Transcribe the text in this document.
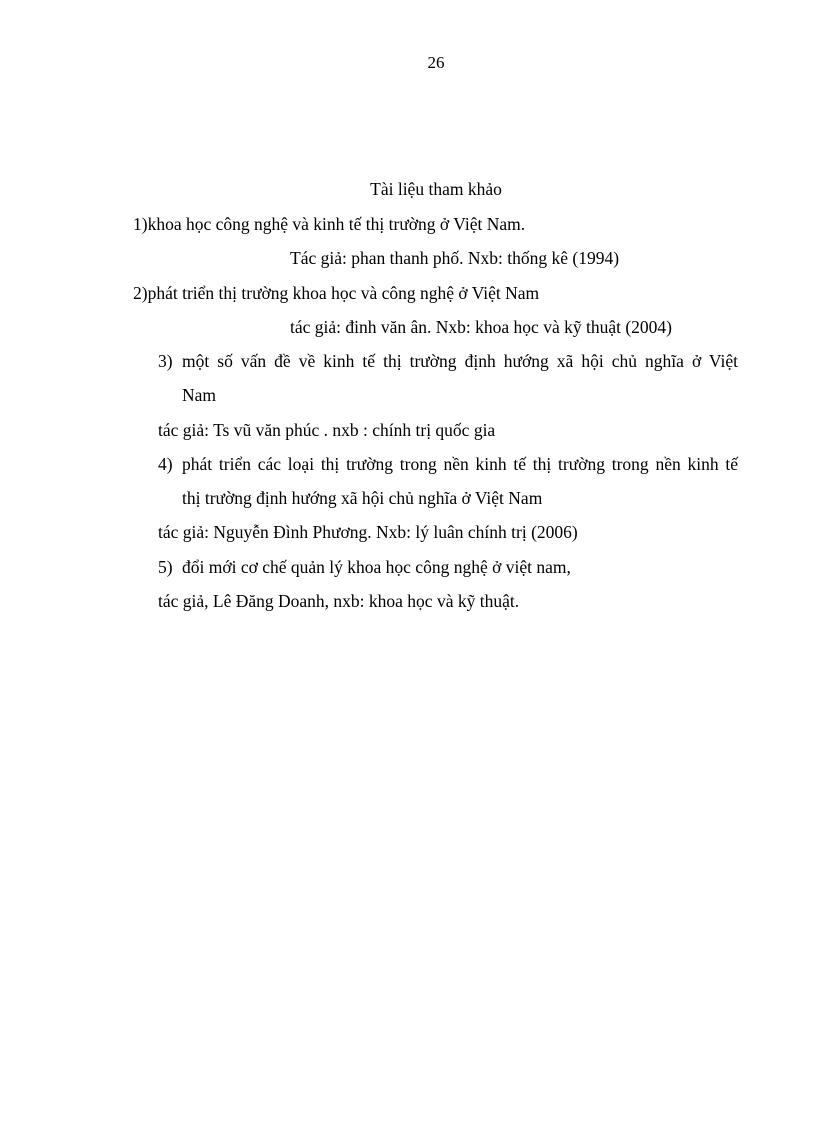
26
Tài liệu tham khảo
1)khoa học công nghệ và kinh tế thị trường ở Việt Nam.
Tác giả: phan thanh phố. Nxb: thống kê (1994)
2)phát triển thị trường khoa học và công nghệ ở Việt Nam
tác giả: đinh văn ân. Nxb: khoa học và kỹ thuật (2004)
3) một số vấn đề về kinh tế thị trường định hướng xã hội chủ nghĩa ở Việt
Nam
tác giả: Ts vũ văn phúc . nxb : chính trị quốc gia
4) phát triển các loại thị trường trong nền kinh tế thị trường trong nền kinh tế
thị trường định hướng xã hội chủ nghĩa ở Việt Nam
tác giả: Nguyễn Đình Phương. Nxb: lý luân chính trị (2006)
5) đổi mới cơ chế quản lý khoa học công nghệ ở việt nam,
tác giả, Lê Đăng Doanh, nxb: khoa học và kỹ thuật.
